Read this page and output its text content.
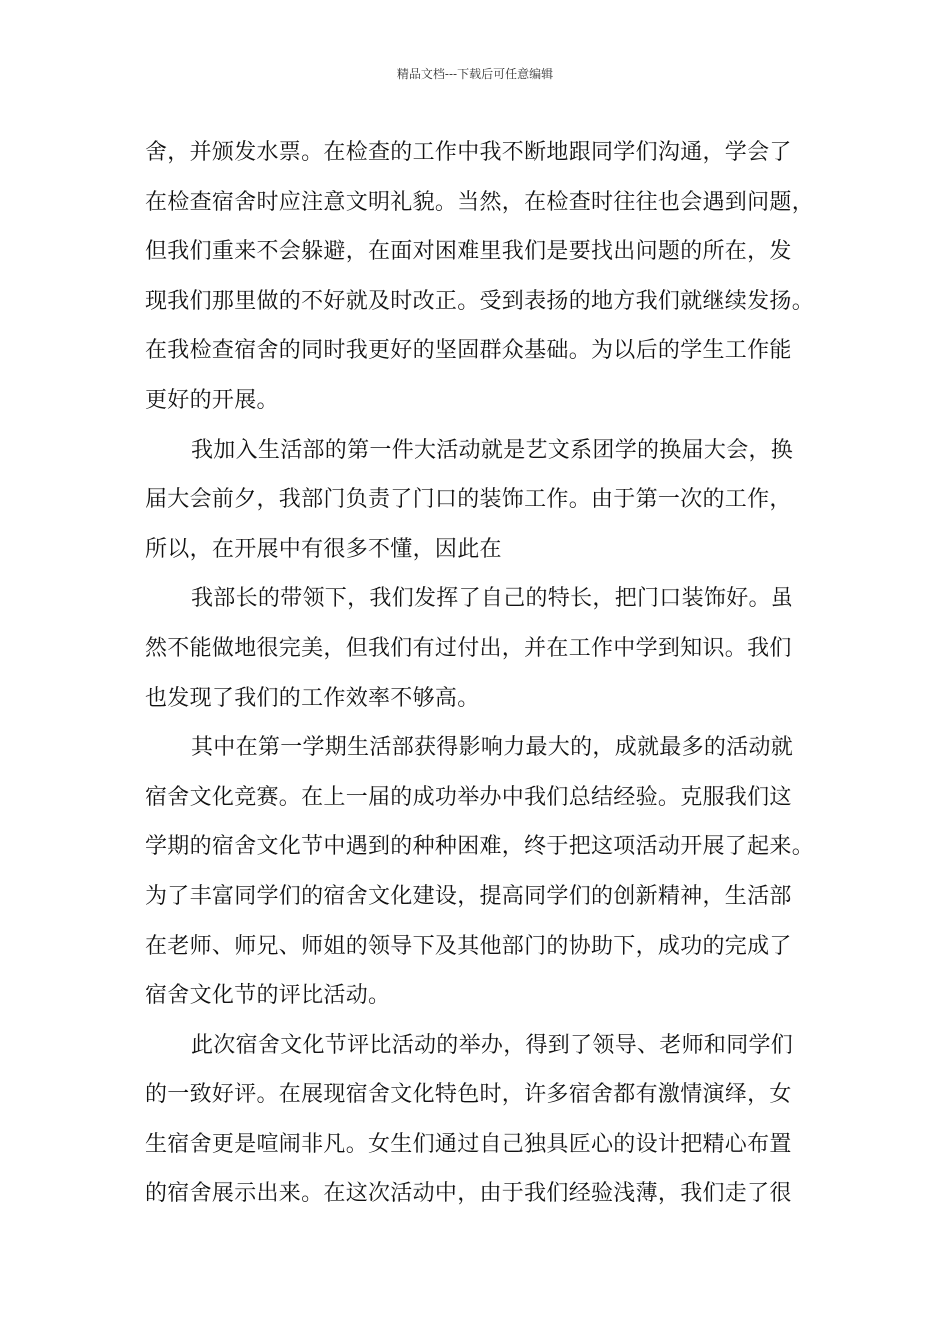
精品文档---下载后可任意编辑
舍，并颁发水票。在检查的工作中我不断地跟同学们沟通，学会了
在检查宿舍时应注意文明礼貌。当然，在检查时往往也会遇到问题，
但我们重来不会躲避，在面对困难里我们是要找出问题的所在，发
现我们那里做的不好就及时改正。受到表扬的地方我们就继续发扬。
在我检查宿舍的同时我更好的坚固群众基础。为以后的学生工作能
更好的开展。
我加入生活部的第一件大活动就是艺文系团学的换届大会，换
届大会前夕，我部门负责了门口的装饰工作。由于第一次的工作，
所以，在开展中有很多不懂，因此在
我部长的带领下，我们发挥了自己的特长，把门口装饰好。虽
然不能做地很完美，但我们有过付出，并在工作中学到知识。我们
也发现了我们的工作效率不够高。
其中在第一学期生活部获得影响力最大的，成就最多的活动就
宿舍文化竞赛。在上一届的成功举办中我们总结经验。克服我们这
学期的宿舍文化节中遇到的种种困难，终于把这项活动开展了起来。
为了丰富同学们的宿舍文化建设，提高同学们的创新精神，生活部
在老师、师兄、师姐的领导下及其他部门的协助下，成功的完成了
宿舍文化节的评比活动。
此次宿舍文化节评比活动的举办，得到了领导、老师和同学们
的一致好评。在展现宿舍文化特色时，许多宿舍都有激情演绎，女
生宿舍更是喧闹非凡。女生们通过自己独具匠心的设计把精心布置
的宿舍展示出来。在这次活动中，由于我们经验浅薄，我们走了很
